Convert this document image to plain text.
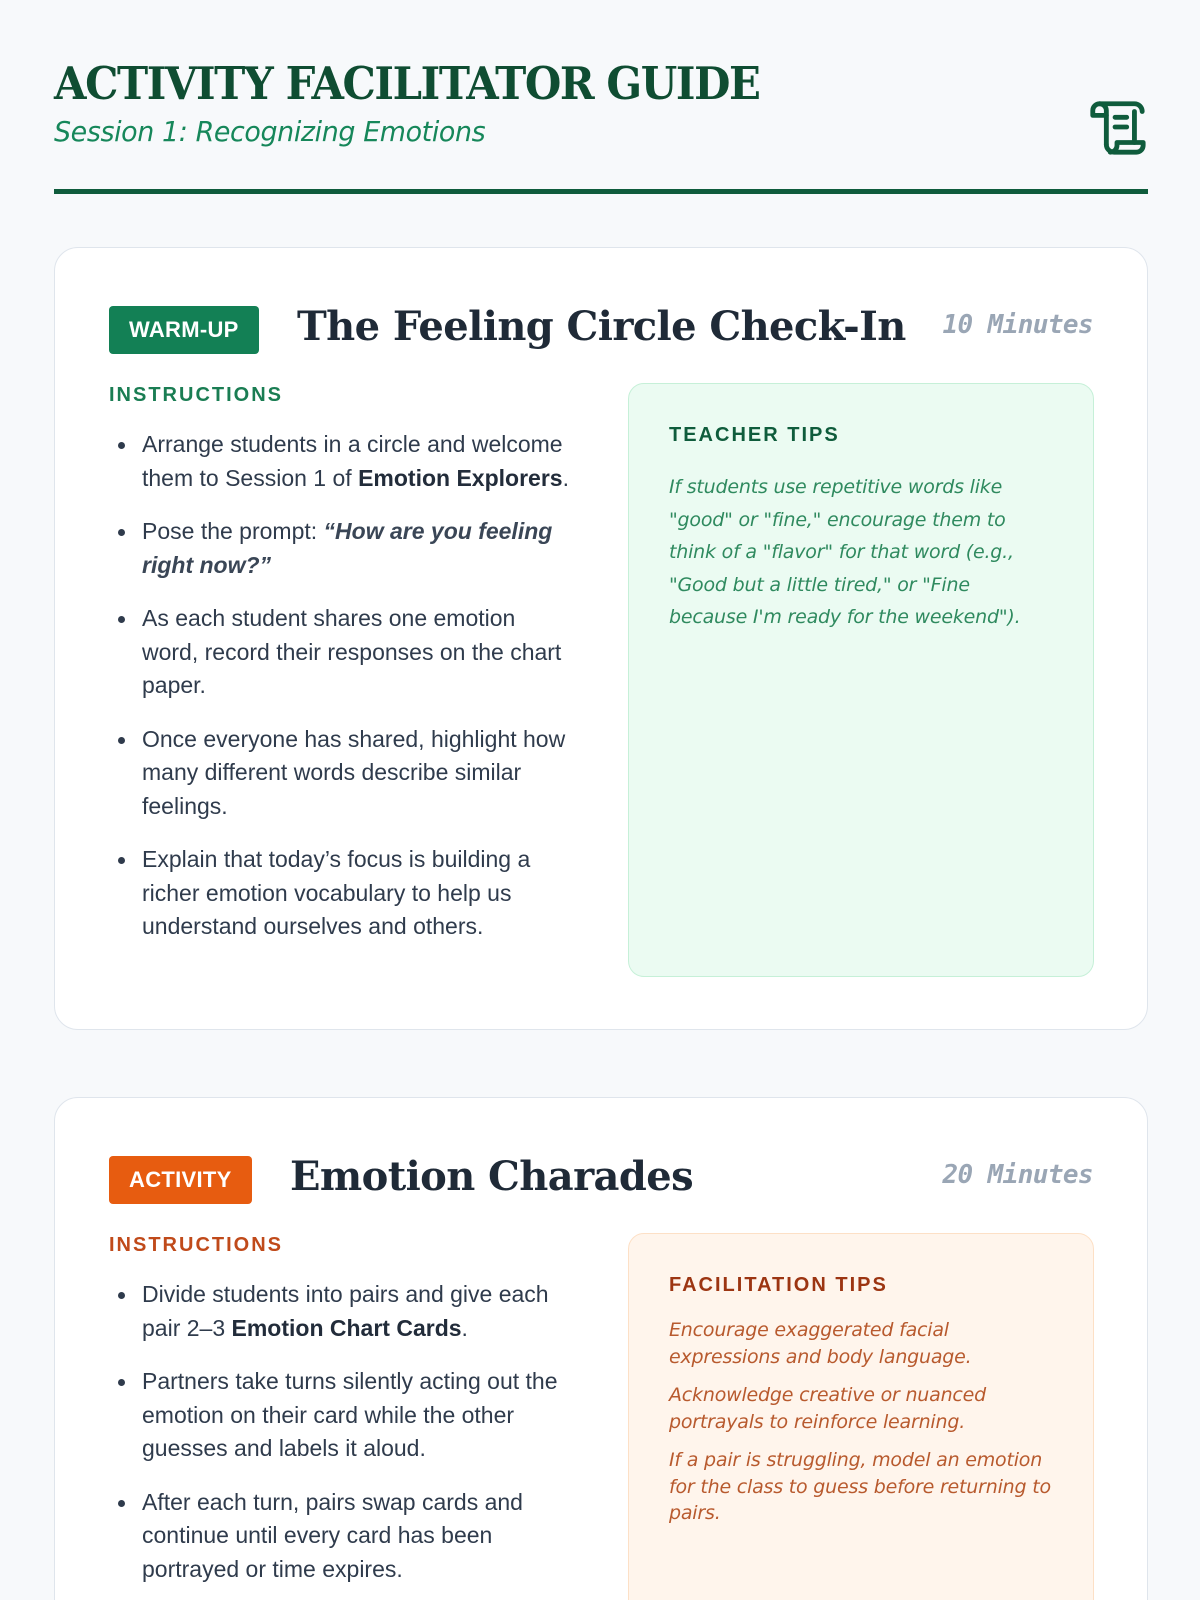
ACTIVITY FACILITATOR GUIDE
Session 1: Recognizing Emotions
WARM-UP	The Feeling Circle Check-In 10 Minutes
INSTRUCTIONS
Arrange students in a circle and welcome them to Session 1 of Emotion Explorers.
Pose the prompt: “How are you feeling right now?”
As each student shares one emotion word, record their responses on the chart paper.
Once everyone has shared, highlight how many different words describe similar feelings.
Explain that today’s focus is building a richer emotion vocabulary to help us understand ourselves and others.
TEACHER TIPS

If students use repetitive words like "good" or "fine," encourage them to think of a "flavor" for that word (e.g., "Good but a little tired," or "Fine because I'm ready for the weekend").

ACTIVITY	Emotion Charades	20 Minutes
INSTRUCTIONS
Divide students into pairs and give each pair 2–3 Emotion Chart Cards.
Partners take turns silently acting out the emotion on their card while the other guesses and labels it aloud.
After each turn, pairs swap cards and continue until every card has been portrayed or time expires.
FACILITATION TIPS

Encourage exaggerated facial expressions and body language.

Acknowledge creative or nuanced portrayals to reinforce learning.

If a pair is struggling, model an emotion for the class to guess before returning to pairs.
